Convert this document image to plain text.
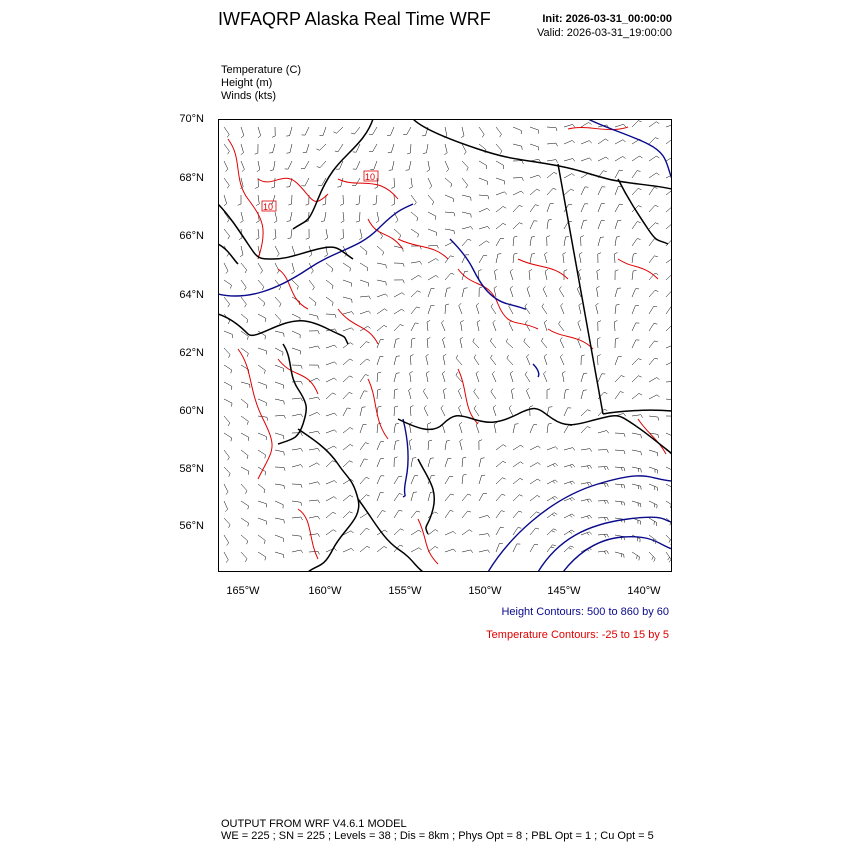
IWFAQRP Alaska Real Time WRF	Init: 2026-03-31_00:00:00
Valid: 2026-03-31_19:00:00
Temperature (C)
Height (m)
Winds (kts)
70°N
68°N
66°N
64°N
62°N
60°N
58°N
56°N
165°W	160°W	155°W	150°W	145°W	140°W
10
10
Height Contours: 500 to 860 by 60
Temperature Contours: -25 to 15 by 5
OUTPUT FROM WRF V4.6.1 MODEL
WE = 225 ; SN = 225 ; Levels = 38 ; Dis = 8km ; Phys Opt = 8 ; PBL Opt = 1 ; Cu Opt = 5
